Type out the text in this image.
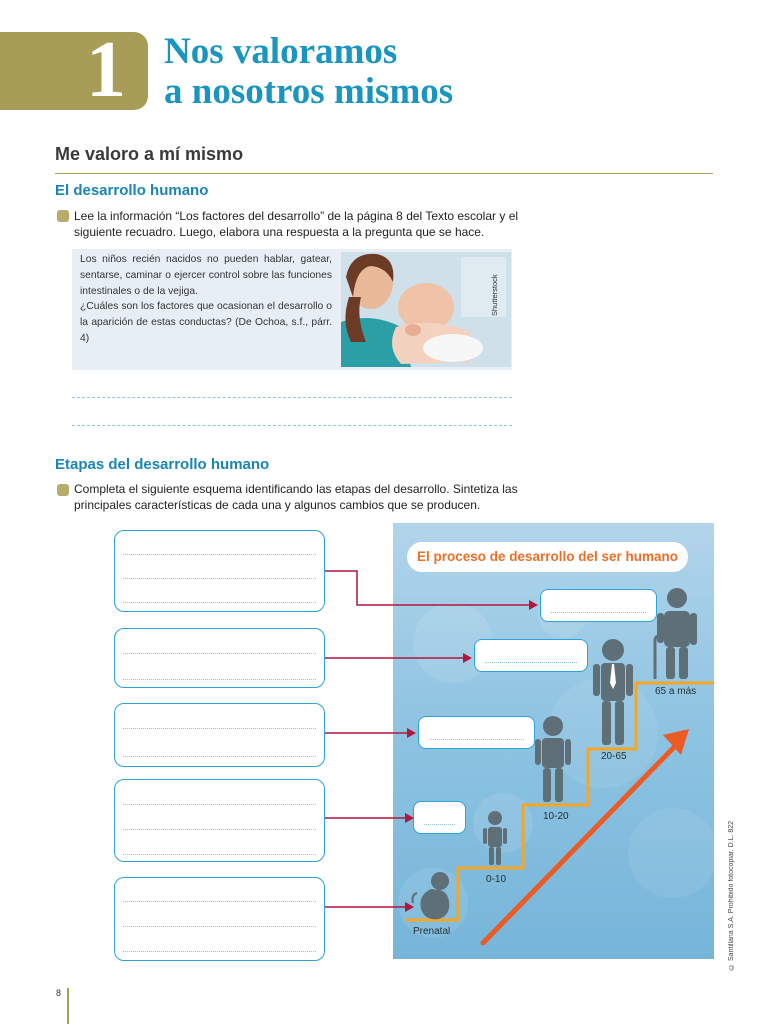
1 Nos valoramos
a nosotros mismos
Me valoro a mí mismo
El desarrollo humano
Lee la información “Los factores del desarrollo” de la página 8 del Texto escolar y el siguiente recuadro. Luego, elabora una respuesta a la pregunta que se hace.
Los niños recién nacidos no pueden hablar, gatear, sentarse, caminar o ejercer control sobre las funciones intestinales o de la vejiga.
¿Cuáles son los factores que ocasionan el desarrollo o la aparición de estas conductas? (De Ochoa, s.f., párr. 4)
Shutterstock
Etapas del desarrollo humano
Completa el siguiente esquema identificando las etapas del desarrollo. Sintetiza las principales características de cada una y algunos cambios que se producen.
El proceso de desarrollo del ser humano
Prenatal
0-10
10-20
20-65
65 a más
8
© Santillana S.A. Prohibido fotocopiar. D.L. 822
